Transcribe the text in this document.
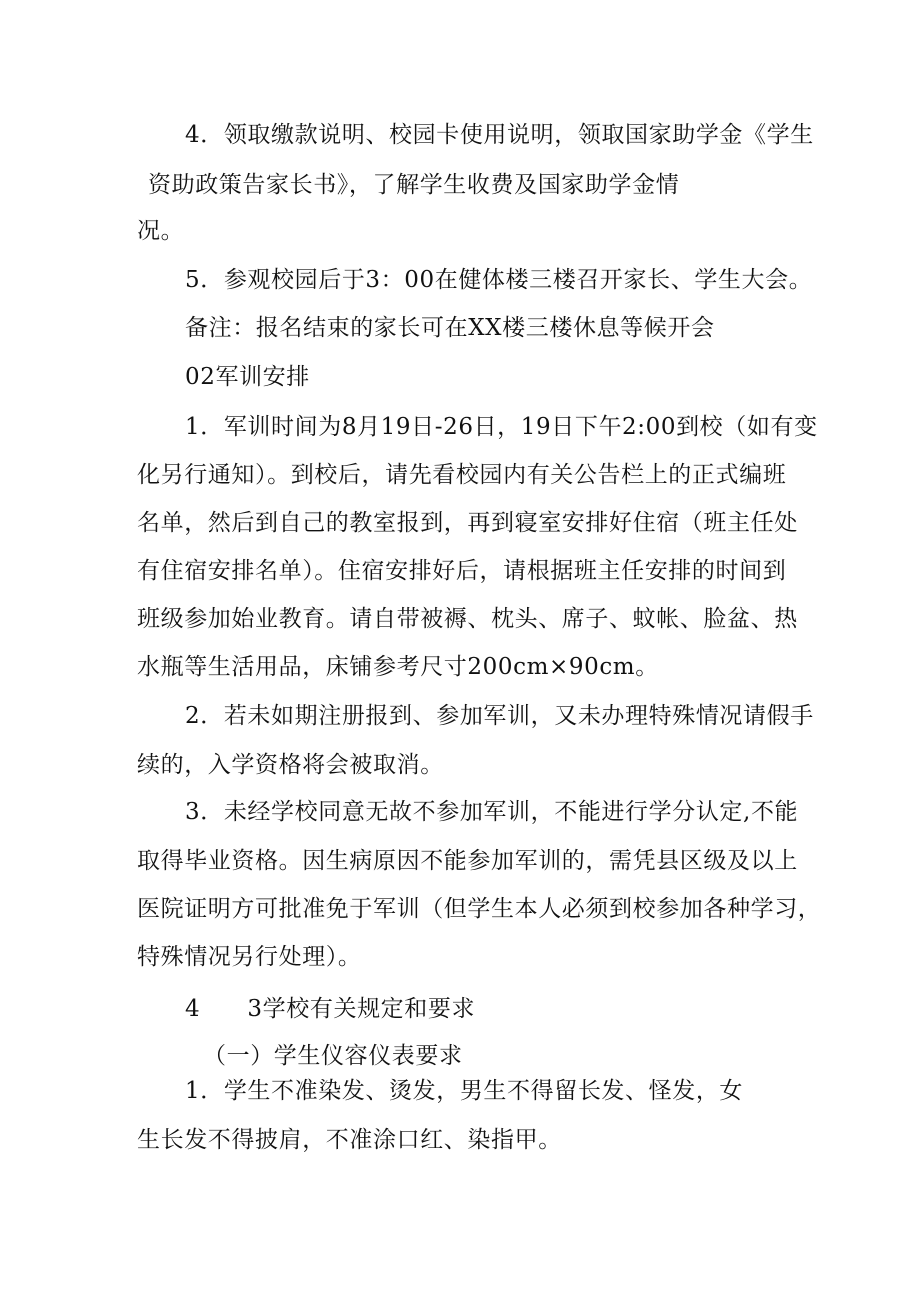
4．领取缴款说明、校园卡使用说明，领取国家助学金《学生
资助政策告家长书》，了解学生收费及国家助学金情
况。
5．参观校园后于3：00在健体楼三楼召开家长、学生大会。
备注：报名结束的家长可在XX楼三楼休息等候开会
02军训安排
1．军训时间为8月19日-26日，19日下午2:00到校（如有变
化另行通知）。到校后，请先看校园内有关公告栏上的正式编班
名单，然后到自己的教室报到，再到寝室安排好住宿（班主任处
有住宿安排名单）。住宿安排好后，请根据班主任安排的时间到
班级参加始业教育。请自带被褥、枕头、席子、蚊帐、脸盆、热
水瓶等生活用品，床铺参考尺寸200cm×90cm。
2．若未如期注册报到、参加军训，又未办理特殊情况请假手
续的，入学资格将会被取消。
3．未经学校同意无故不参加军训，不能进行学分认定,不能
取得毕业资格。因生病原因不能参加军训的，需凭县区级及以上
医院证明方可批准免于军训（但学生本人必须到校参加各种学习，
特殊情况另行处理）。
4　　3学校有关规定和要求
（一）学生仪容仪表要求
1．学生不准染发、烫发，男生不得留长发、怪发，女
生长发不得披肩，不准涂口红、染指甲。
